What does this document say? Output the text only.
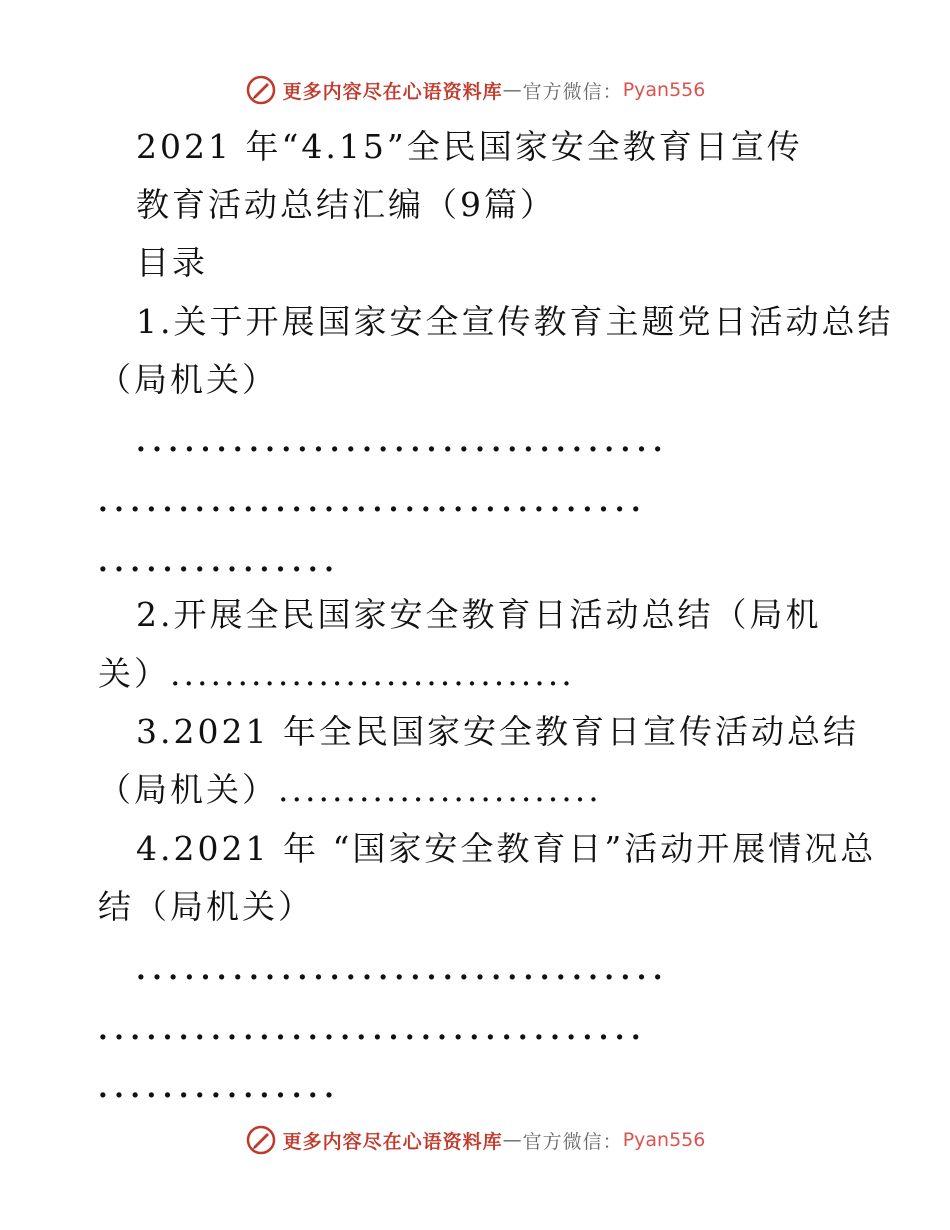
更多内容尽在心语资料库 — 官方微信： Pyan556
2021 年“4.15”全民国家安全教育日宣传
教育活动总结汇编（9篇）
目录
1.关于开展国家安全宣传教育主题党日活动总结
（局机关）
.................................
..................................
...............
2.开展全民国家安全教育日活动总结（局机
关）..............................
3.2021 年全民国家安全教育日宣传活动总结
（局机关）........................
4.2021 年 “国家安全教育日”活动开展情况总
结（局机关）
.................................
..................................
...............
更多内容尽在心语资料库 — 官方微信： Pyan556
